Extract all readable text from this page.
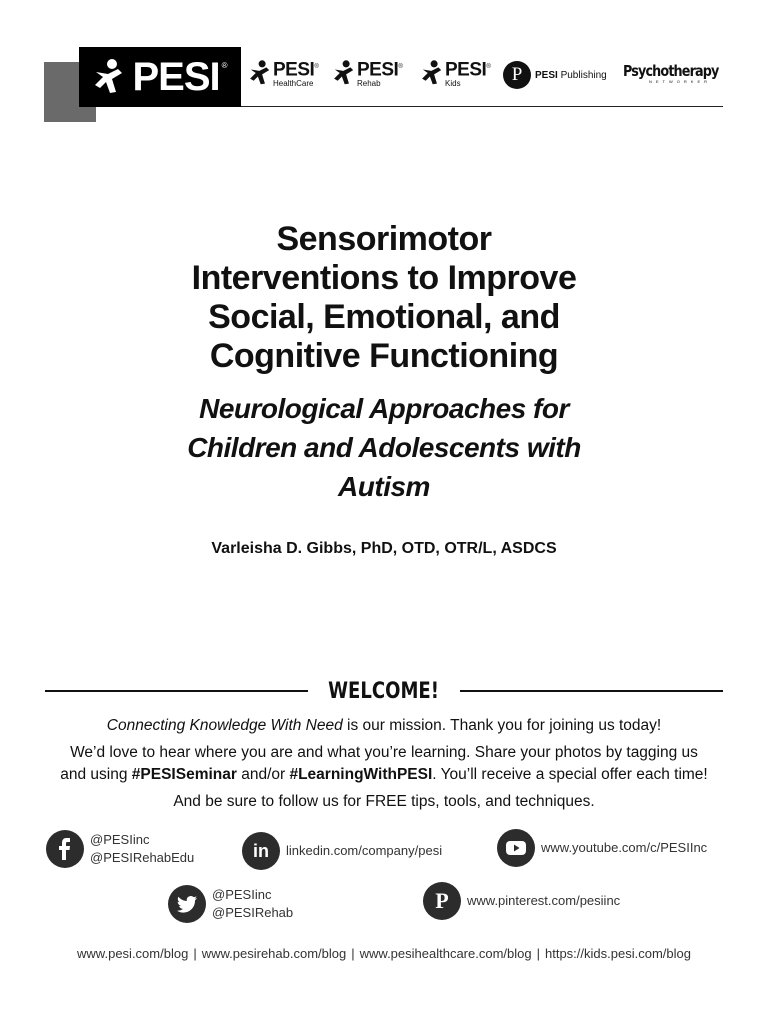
PESI ® PESI®
HealthCare
PESI®
Rehab
PESI®
Kids	P	PESI Publishing Psychotherapy
NETWORKER
Sensorimotor
Interventions to Improve
Social, Emotional, and
Cognitive Functioning
Neurological Approaches for
Children and Adolescents with
Autism
Varleisha D. Gibbs, PhD, OTD, OTR/L, ASDCS
WELCOME!
Connecting Knowledge With Need is our mission. Thank you for joining us today!
We’d love to hear where you are and what you’re learning. Share your photos by tagging us
and using #PESISeminar and/or #LearningWithPESI. You’ll receive a special offer each time!
And be sure to follow us for FREE tips, tools, and techniques.
@PESIinc
@PESIRehabEdu	in	linkedin.com/company/pesi	www.youtube.com/c/PESIInc
@PESIinc
@PESIRehab	P	www.pinterest.com/pesiinc
www.pesi.com/blog | www.pesirehab.com/blog | www.pesihealthcare.com/blog | https://kids.pesi.com/blog
